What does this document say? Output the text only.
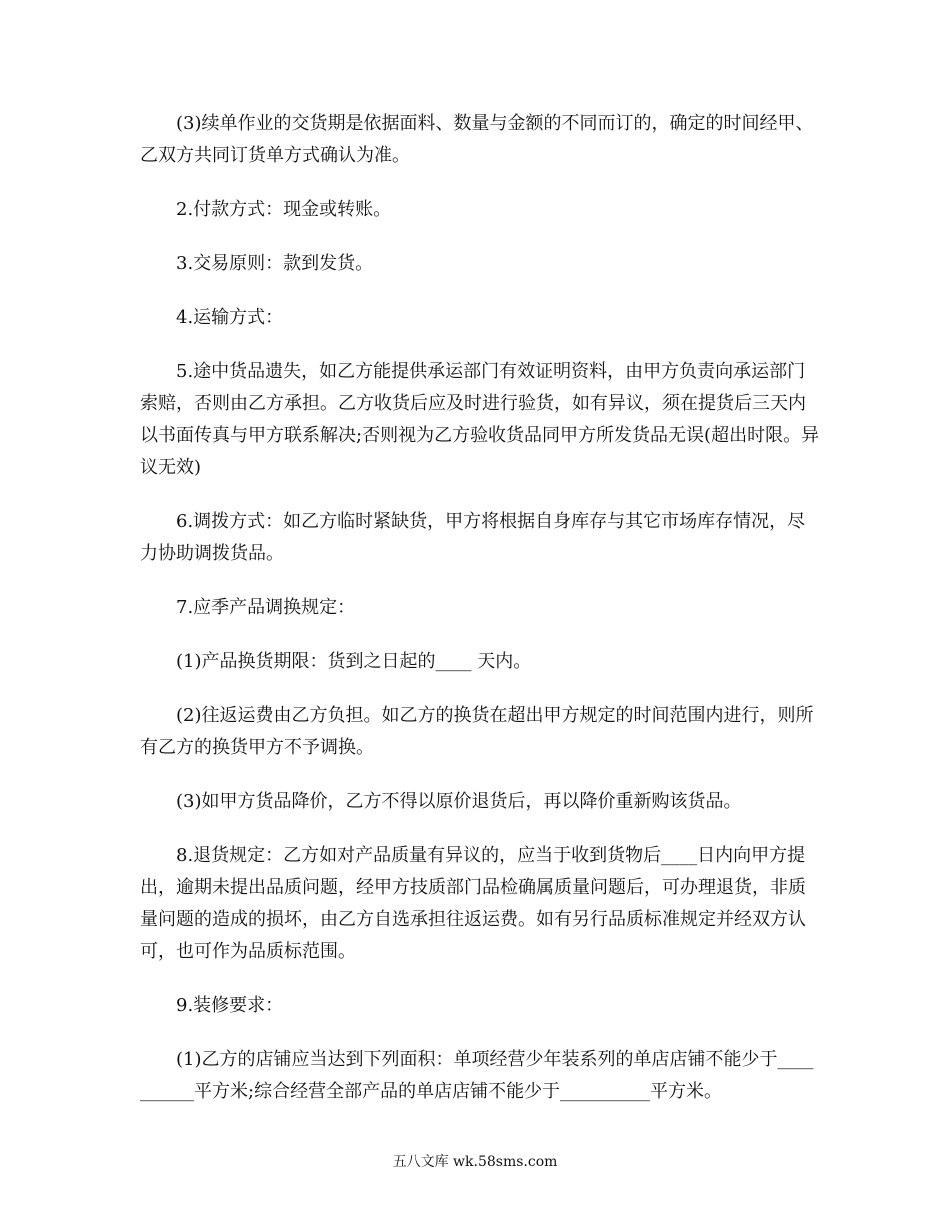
(3)续单作业的交货期是依据面料、数量与金额的不同而订的，确定的时间经甲、乙双方共同订货单方式确认为准。

2.付款方式：现金或转账。

3.交易原则：款到发货。

4.运输方式：

5.途中货品遗失，如乙方能提供承运部门有效证明资料，由甲方负责向承运部门索赔，否则由乙方承担。乙方收货后应及时进行验货，如有异议，须在提货后三天内以书面传真与甲方联系解决;否则视为乙方验收货品同甲方所发货品无误(超出时限。异议无效)

6.调拨方式：如乙方临时紧缺货，甲方将根据自身库存与其它市场库存情况，尽力协助调拨货品。

7.应季产品调换规定：

(1)产品换货期限：货到之日起的____ 天内。

(2)往返运费由乙方负担。如乙方的换货在超出甲方规定的时间范围内进行，则所有乙方的换货甲方不予调换。

(3)如甲方货品降价，乙方不得以原价退货后，再以降价重新购该货品。

8.退货规定：乙方如对产品质量有异议的，应当于收到货物后____日内向甲方提出，逾期未提出品质问题，经甲方技质部门品检确属质量问题后，可办理退货，非质量问题的造成的损坏，由乙方自选承担往返运费。如有另行品质标准规定并经双方认可，也可作为品质标范围。

9.装修要求：

(1)乙方的店铺应当达到下列面积：单项经营少年装系列的单店店铺不能少于__________平方米;综合经营全部产品的单店店铺不能少于__________平方米。

五八文库 wk.58sms.com
